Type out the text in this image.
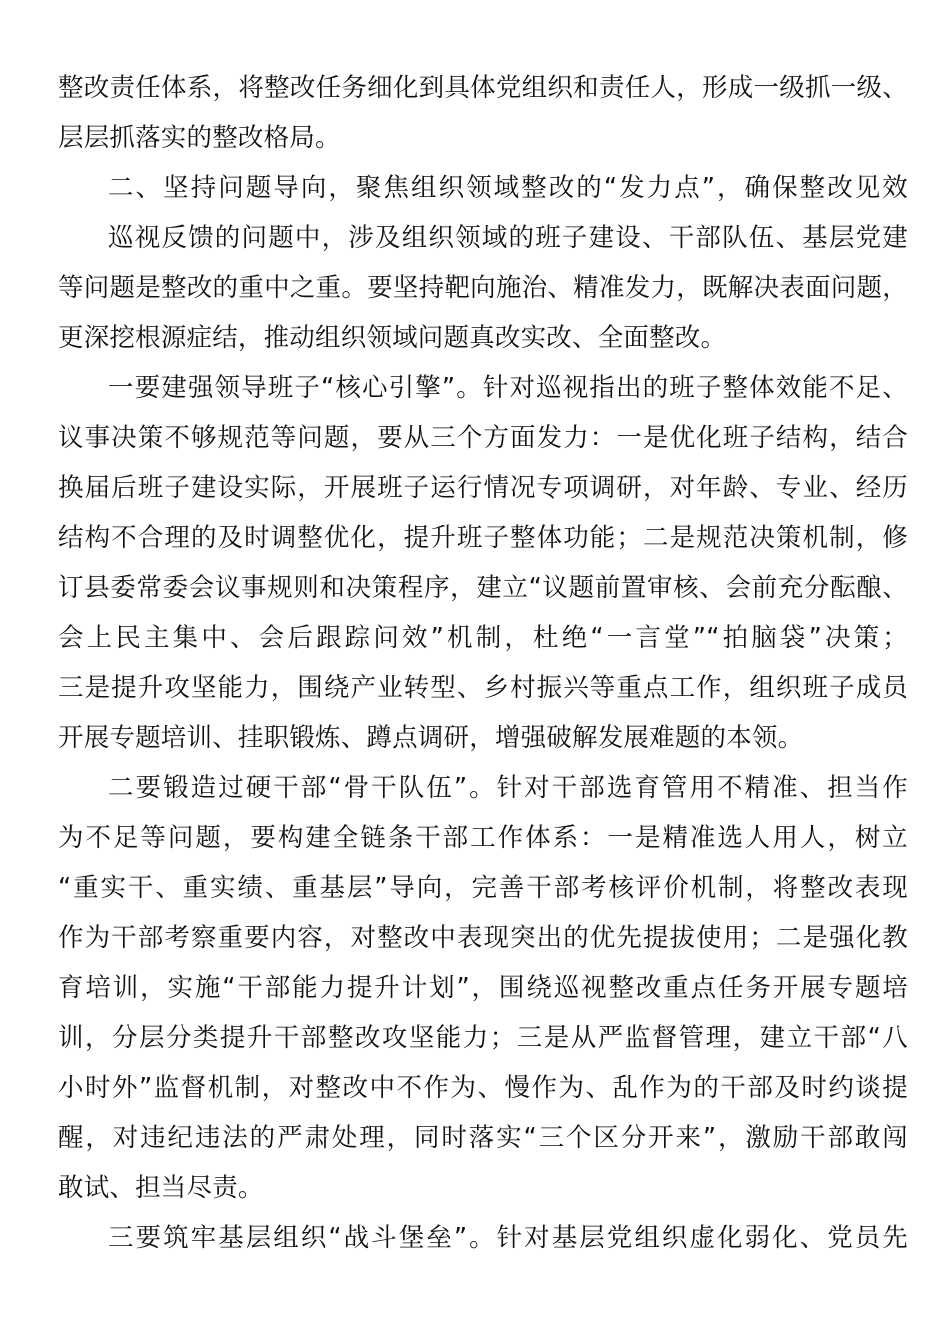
整改责任体系，将整改任务细化到具体党组织和责任人，形成一级抓一级、
层层抓落实的整改格局。
二、坚持问题导向，聚焦组织领域整改的“发力点”，确保整改见效
巡视反馈的问题中，涉及组织领域的班子建设、干部队伍、基层党建
等问题是整改的重中之重。要坚持靶向施治、精准发力，既解决表面问题，
更深挖根源症结，推动组织领域问题真改实改、全面整改。
一要建强领导班子“核心引擎”。针对巡视指出的班子整体效能不足、
议事决策不够规范等问题，要从三个方面发力：一是优化班子结构，结合
换届后班子建设实际，开展班子运行情况专项调研，对年龄、专业、经历
结构不合理的及时调整优化，提升班子整体功能；二是规范决策机制，修
订县委常委会议事规则和决策程序，建立“议题前置审核、会前充分酝酿、
会上民主集中、会后跟踪问效”机制，杜绝“一言堂”“拍脑袋”决策；
三是提升攻坚能力，围绕产业转型、乡村振兴等重点工作，组织班子成员
开展专题培训、挂职锻炼、蹲点调研，增强破解发展难题的本领。
二要锻造过硬干部“骨干队伍”。针对干部选育管用不精准、担当作
为不足等问题，要构建全链条干部工作体系：一是精准选人用人，树立
“重实干、重实绩、重基层”导向，完善干部考核评价机制，将整改表现
作为干部考察重要内容，对整改中表现突出的优先提拔使用；二是强化教
育培训，实施“干部能力提升计划”，围绕巡视整改重点任务开展专题培
训，分层分类提升干部整改攻坚能力；三是从严监督管理，建立干部“八
小时外”监督机制，对整改中不作为、慢作为、乱作为的干部及时约谈提
醒，对违纪违法的严肃处理，同时落实“三个区分开来”，激励干部敢闯
敢试、担当尽责。
三要筑牢基层组织“战斗堡垒”。针对基层党组织虚化弱化、党员先
